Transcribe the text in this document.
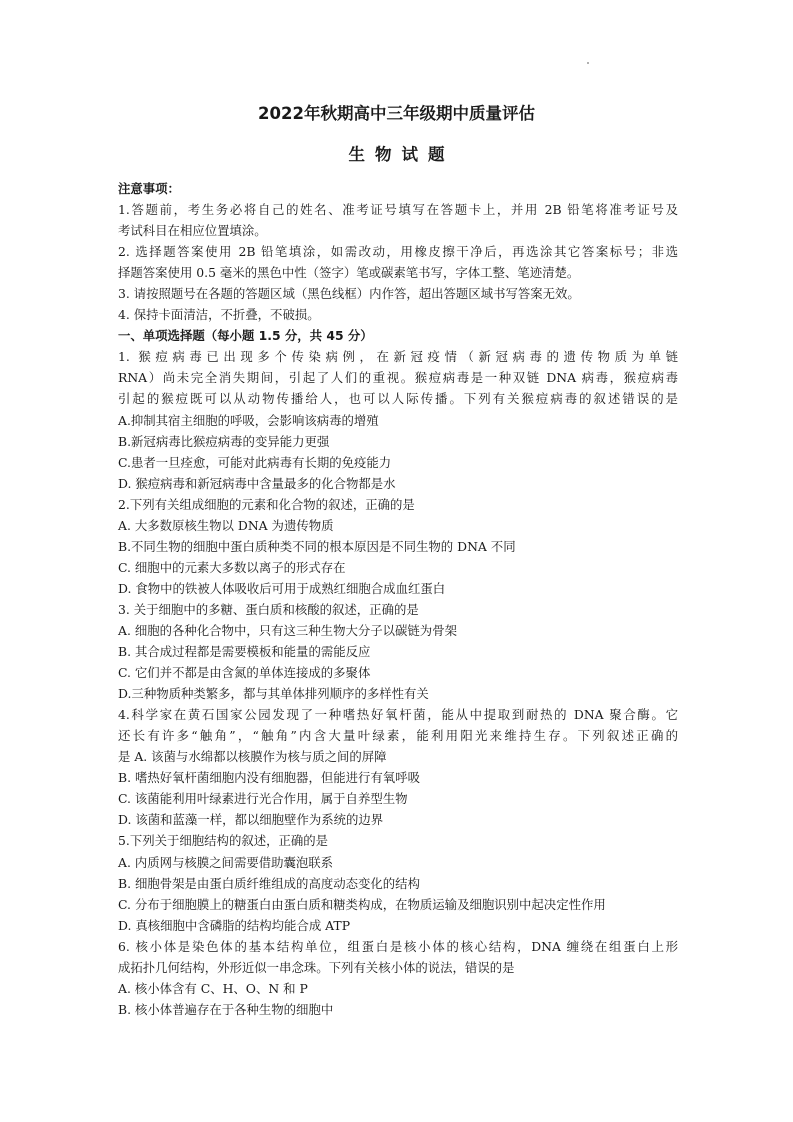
2022年秋期高中三年级期中质量评估
生物试题

注意事项：

1.答题前，考生务必将自己的姓名、准考证号填写在答题卡上，并用 2B 铅笔将准考证号及

考试科目在相应位置填涂。

2. 选择题答案使用 2B 铅笔填涂，如需改动，用橡皮擦干净后，再选涂其它答案标号；非选

择题答案使用 0.5 毫米的黑色中性（签字）笔或碳素笔书写，字体工整、笔迹清楚。

3. 请按照题号在各题的答题区域（黑色线框）内作答，超出答题区域书写答案无效。

4. 保持卡面清洁，不折叠，不破损。

一、单项选择题（每小题 1.5 分，共 45 分）

1. 猴痘病毒已出现多个传染病例，在新冠疫情（新冠病毒的遗传物质为单链

RNA）尚未完全消失期间，引起了人们的重视。猴痘病毒是一种双链 DNA 病毒，猴痘病毒

引起的猴痘既可以从动物传播给人，也可以人际传播。下列有关猴痘病毒的叙述错误的是

A.抑制其宿主细胞的呼吸，会影响该病毒的增殖

B.新冠病毒比猴痘病毒的变异能力更强

C.患者一旦痊愈，可能对此病毒有长期的免疫能力

D. 猴痘病毒和新冠病毒中含量最多的化合物都是水

2.下列有关组成细胞的元素和化合物的叙述，正确的是

A. 大多数原核生物以 DNA 为遗传物质

B.不同生物的细胞中蛋白质种类不同的根本原因是不同生物的 DNA 不同

C. 细胞中的元素大多数以离子的形式存在

D. 食物中的铁被人体吸收后可用于成熟红细胞合成血红蛋白

3. 关于细胞中的多糖、蛋白质和核酸的叙述，正确的是

A. 细胞的各种化合物中，只有这三种生物大分子以碳链为骨架

B. 其合成过程都是需要模板和能量的需能反应

C. 它们并不都是由含氮的单体连接成的多聚体

D.三种物质种类繁多，都与其单体排列顺序的多样性有关

4.科学家在黄石国家公园发现了一种嗜热好氧杆菌，能从中提取到耐热的 DNA 聚合酶。它

还长有许多“触角”，“触角”内含大量叶绿素，能利用阳光来维持生存。下列叙述正确的

是 A. 该菌与水绵都以核膜作为核与质之间的屏障

B. 嗜热好氧杆菌细胞内没有细胞器，但能进行有氧呼吸

C. 该菌能利用叶绿素进行光合作用，属于自养型生物

D. 该菌和蓝藻一样，都以细胞壁作为系统的边界

5.下列关于细胞结构的叙述，正确的是

A. 内质网与核膜之间需要借助囊泡联系

B. 细胞骨架是由蛋白质纤维组成的高度动态变化的结构

C. 分布于细胞膜上的糖蛋白由蛋白质和糖类构成，在物质运输及细胞识别中起决定性作用

D. 真核细胞中含磷脂的结构均能合成 ATP

6. 核小体是染色体的基本结构单位，组蛋白是核小体的核心结构，DNA 缠绕在组蛋白上形

成拓扑几何结构，外形近似一串念珠。下列有关核小体的说法，错误的是

A. 核小体含有 C、H、O、N 和 P

B. 核小体普遍存在于各种生物的细胞中
